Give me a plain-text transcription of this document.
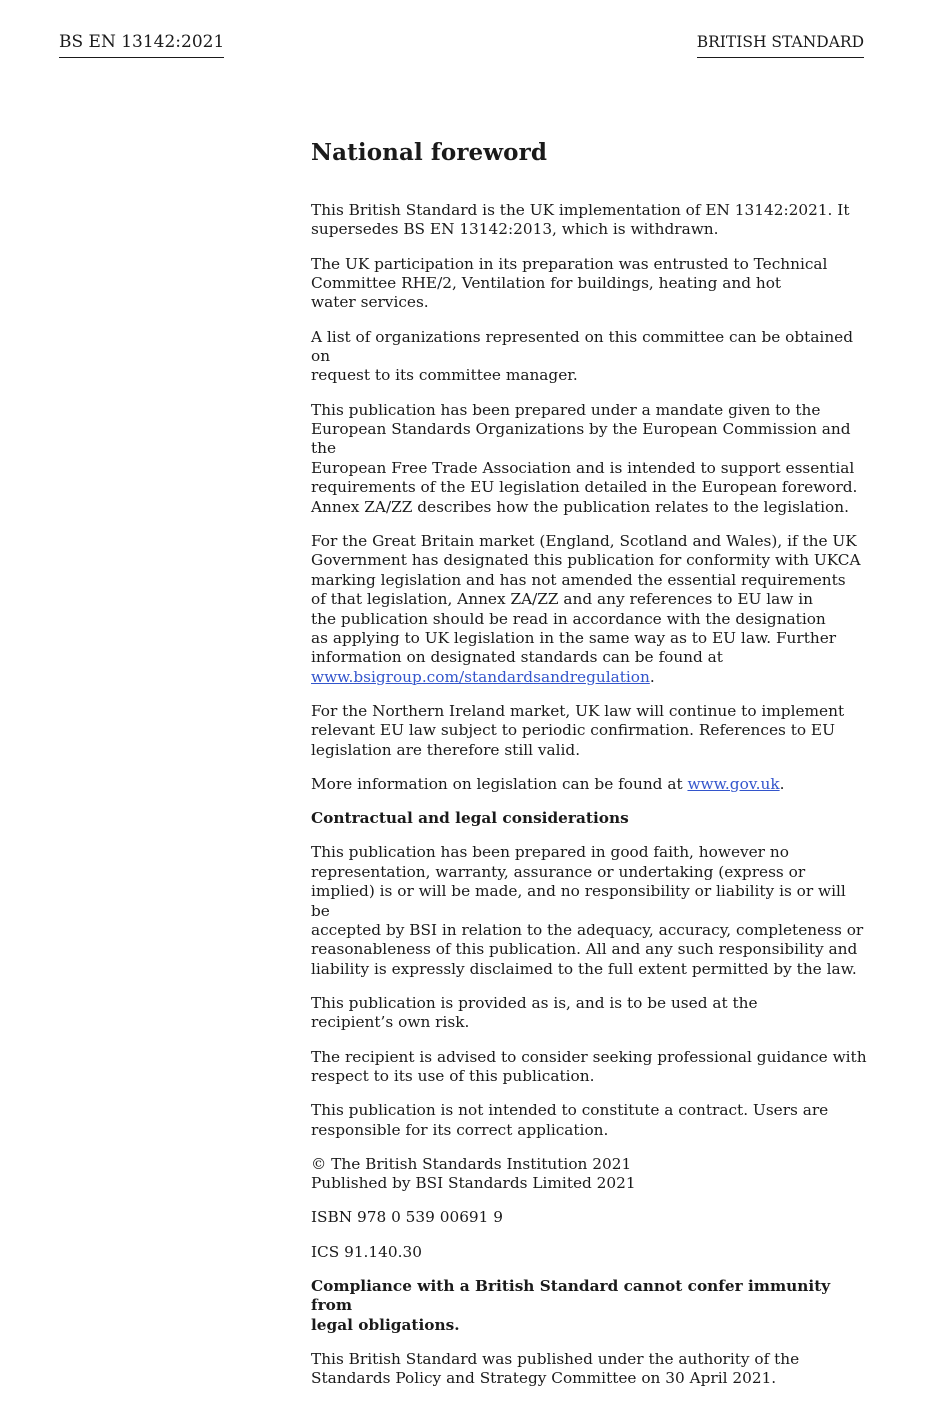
BS EN 13142:2021	BRITISH STANDARD
National foreword

This British Standard is the UK implementation of EN 13142:2021. It
supersedes BS EN 13142:2013, which is withdrawn.

The UK participation in its preparation was entrusted to Technical
Committee RHE/2, Ventilation for buildings, heating and hot
water services.

A list of organizations represented on this committee can be obtained on
request to its committee manager.

This publication has been prepared under a mandate given to the
European Standards Organizations by the European Commission and the
European Free Trade Association and is intended to support essential
requirements of the EU legislation detailed in the European foreword.
Annex ZA/ZZ describes how the publication relates to the legislation.

For the Great Britain market (England, Scotland and Wales), if the UK
Government has designated this publication for conformity with UKCA
marking legislation and has not amended the essential requirements
of that legislation, Annex ZA/ZZ and any references to EU law in
the publication should be read in accordance with the designation
as applying to UK legislation in the same way as to EU law. Further
information on designated standards can be found at
www.bsigroup.com/standardsandregulation.

For the Northern Ireland market, UK law will continue to implement
relevant EU law subject to periodic confirmation. References to EU
legislation are therefore still valid.

More information on legislation can be found at www.gov.uk.

Contractual and legal considerations

This publication has been prepared in good faith, however no
representation, warranty, assurance or undertaking (express or
implied) is or will be made, and no responsibility or liability is or will be
accepted by BSI in relation to the adequacy, accuracy, completeness or
reasonableness of this publication. All and any such responsibility and
liability is expressly disclaimed to the full extent permitted by the law.

This publication is provided as is, and is to be used at the
recipient’s own risk.

The recipient is advised to consider seeking professional guidance with
respect to its use of this publication.

This publication is not intended to constitute a contract. Users are
responsible for its correct application.

© The British Standards Institution 2021
Published by BSI Standards Limited 2021

ISBN 978 0 539 00691 9

ICS 91.140.30

Compliance with a British Standard cannot confer immunity from
legal obligations.

This British Standard was published under the authority of the
Standards Policy and Strategy Committee on 30 April 2021.
